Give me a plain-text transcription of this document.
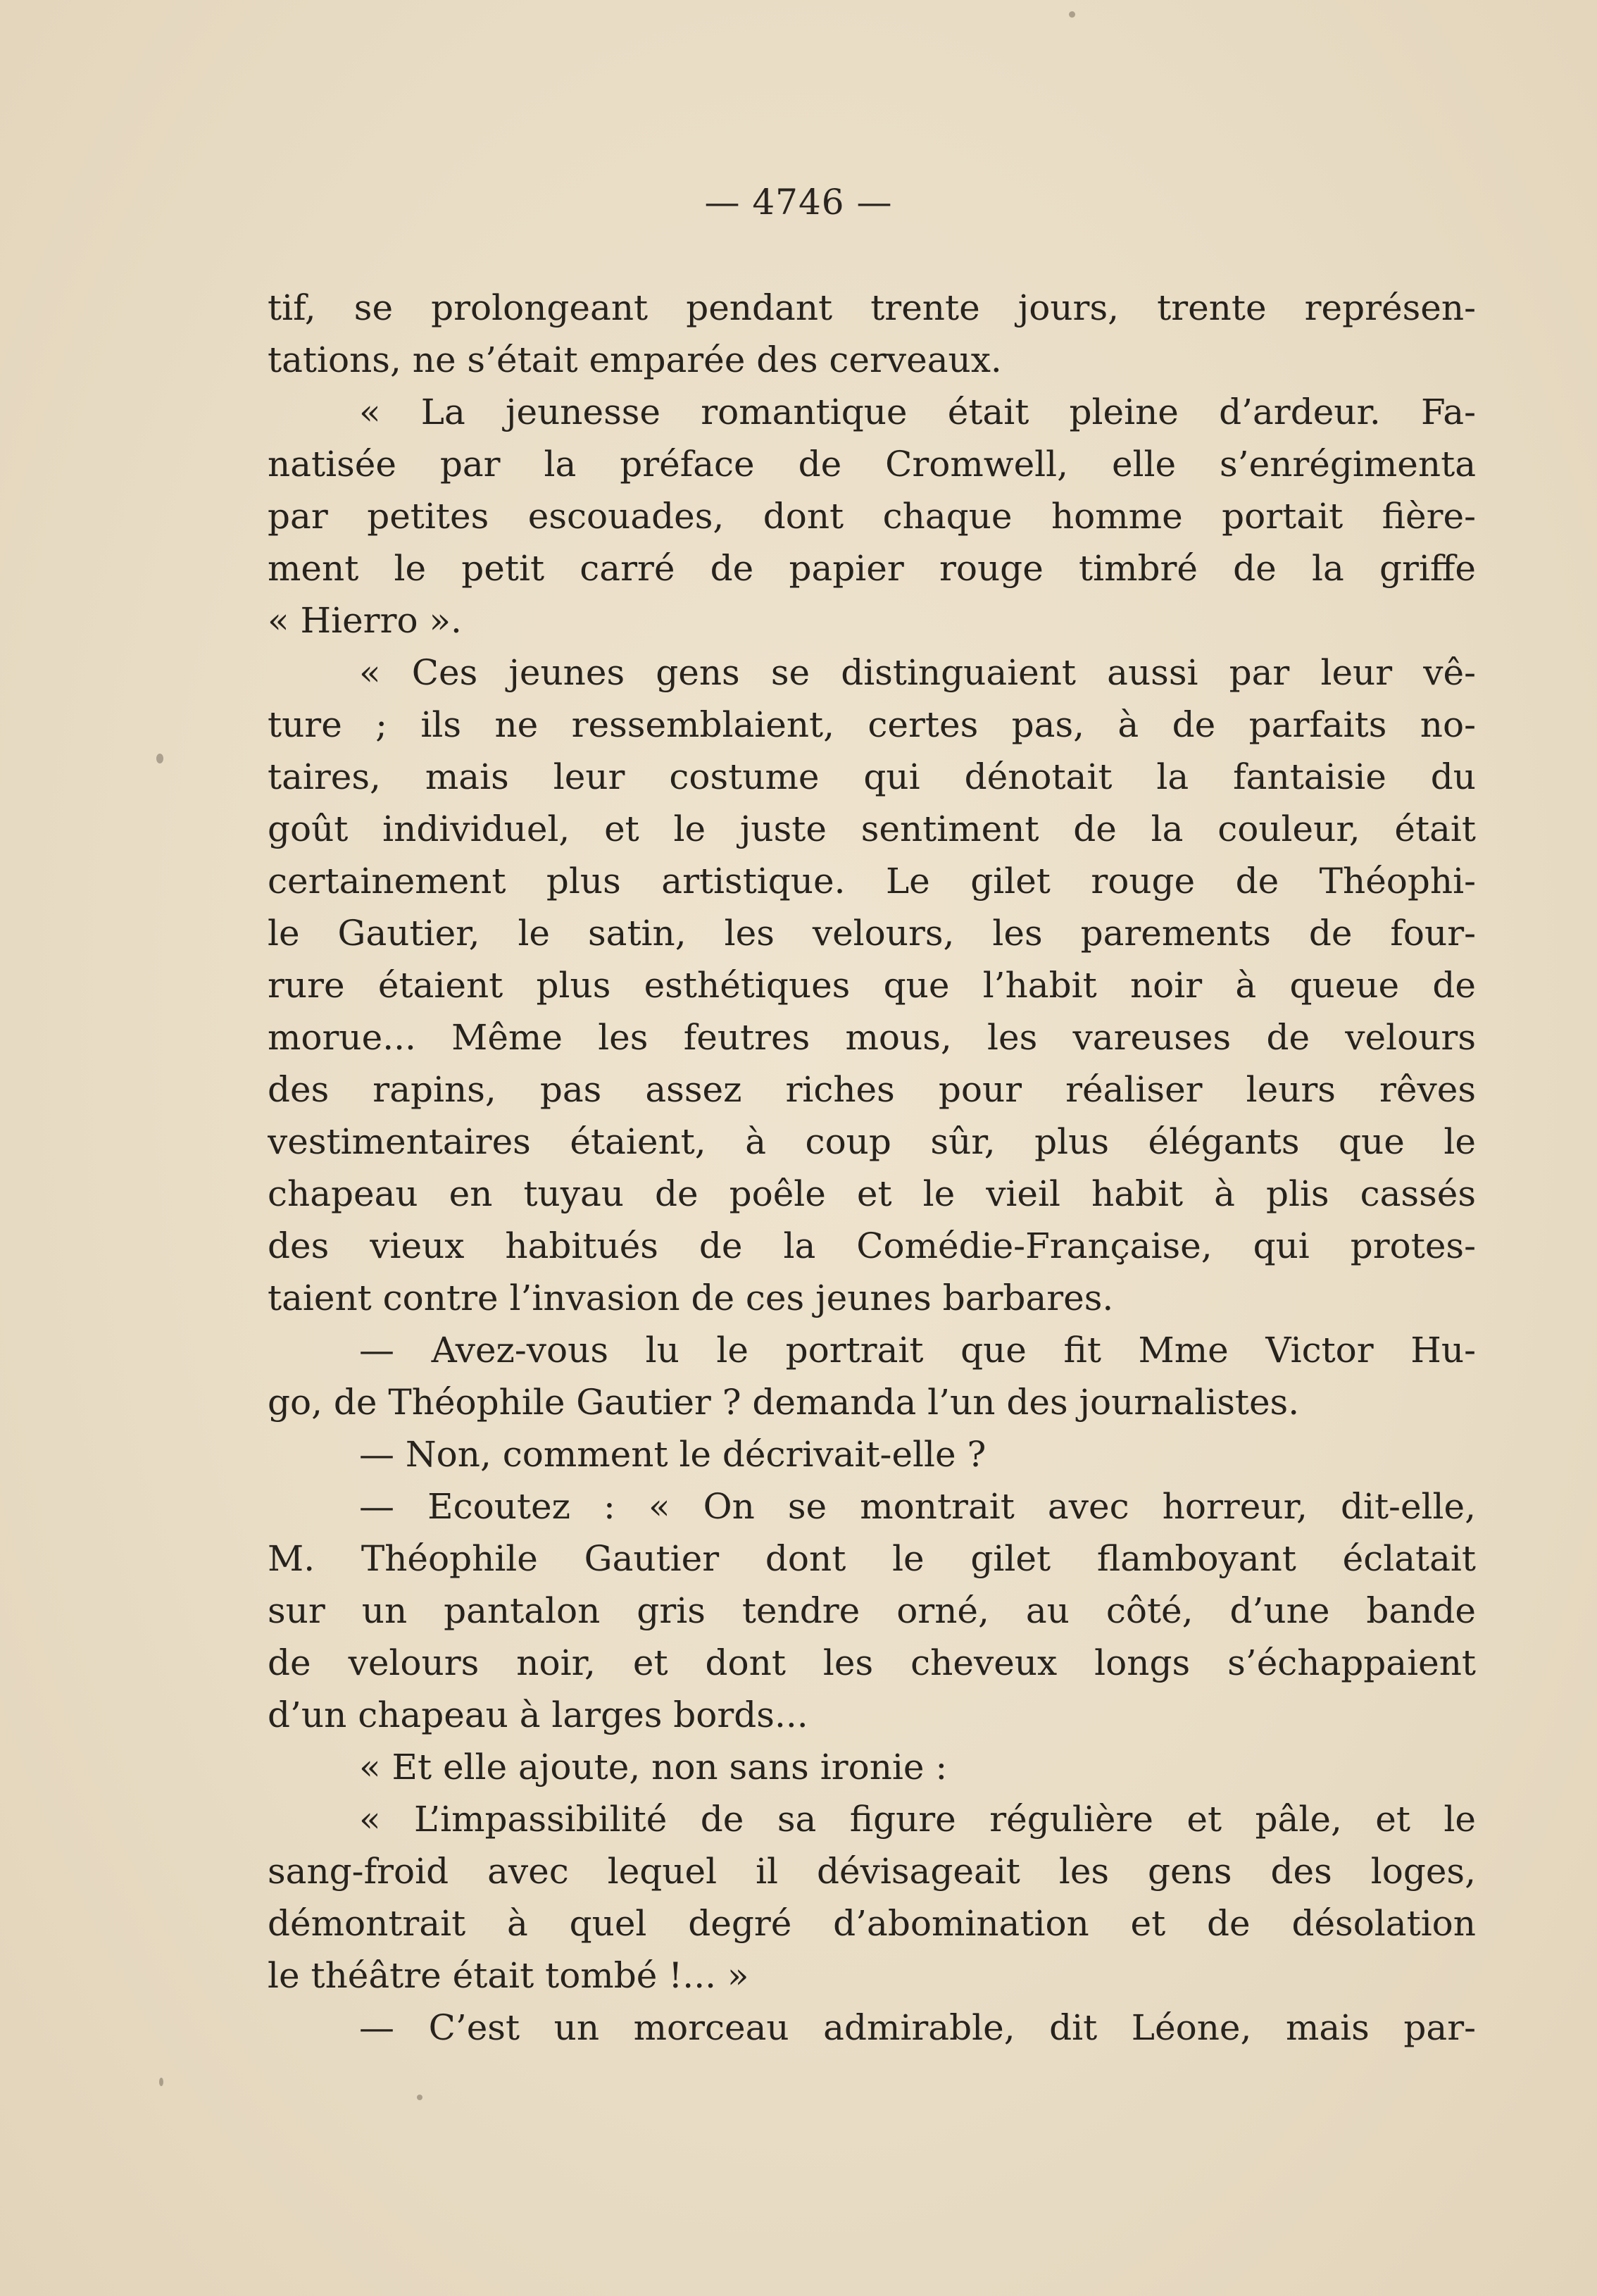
— 4746 —
tif, se prolongeant pendant trente jours, trente représen-
tations, ne s’était emparée des cerveaux.
« La jeunesse romantique était pleine d’ardeur. Fa-
natisée par la préface de Cromwell, elle s’enrégimenta
par petites escouades, dont chaque homme portait fière-
ment le petit carré de papier rouge timbré de la griffe
« Hierro ».
« Ces jeunes gens se distinguaient aussi par leur vê-
ture ; ils ne ressemblaient, certes pas, à de parfaits no-
taires, mais leur costume qui dénotait la fantaisie du
goût individuel, et le juste sentiment de la couleur, était
certainement plus artistique. Le gilet rouge de Théophi-
le Gautier, le satin, les velours, les parements de four-
rure étaient plus esthétiques que l’habit noir à queue de
morue... Même les feutres mous, les vareuses de velours
des rapins, pas assez riches pour réaliser leurs rêves
vestimentaires étaient, à coup sûr, plus élégants que le
chapeau en tuyau de poêle et le vieil habit à plis cassés
des vieux habitués de la Comédie-Française, qui protes-
taient contre l’invasion de ces jeunes barbares.
— Avez-vous lu le portrait que fit Mme Victor Hu-
go, de Théophile Gautier ? demanda l’un des journalistes.
— Non, comment le décrivait-elle ?
— Ecoutez : « On se montrait avec horreur, dit-elle,
M. Théophile Gautier dont le gilet flamboyant éclatait
sur un pantalon gris tendre orné, au côté, d’une bande
de velours noir, et dont les cheveux longs s’échappaient
d’un chapeau à larges bords...
« Et elle ajoute, non sans ironie :
« L’impassibilité de sa figure régulière et pâle, et le
sang-froid avec lequel il dévisageait les gens des loges,
démontrait à quel degré d’abomination et de désolation
le théâtre était tombé !... »
— C’est un morceau admirable, dit Léone, mais par-
